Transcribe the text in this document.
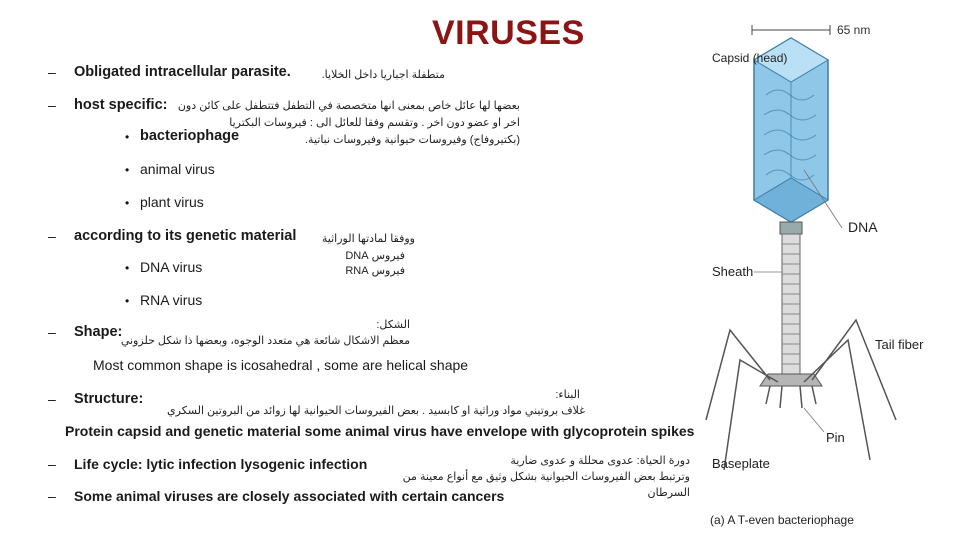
VIRUSES
– Obligated intracellular parasite.	متطفلة اجباريا داخل الخلايا.
– host specific: بعضها لها عائل خاص بمعنى انها متخصصة في التطفل فتتطفل على كائن دون
اخر او عضو دون اخر . وتقسم وفقا للعائل الى : فيروسات البكتريا
(بكتيروفاج) وفيروسات حيوانية وفيروسات نباتية.
• bacteriophage
• animal virus
• plant virus
– according to its genetic material	ووفقا لمادتها الوراثية
فيروس DNA
فيروس RNA
• DNA virus
• RNA virus
– Shape:	الشكل:
معظم الاشكال شائعة هي متعدد الوجوه، وبعضها ذا شكل حلزوني
Most common shape is icosahedral , some are helical shape
– Structure:	البناء:
غلاف بروتيني مواد وراثية او كابسيد . بعض الفيروسات الحيوانية لها زوائد من البروتين السكري
Protein capsid and genetic material some animal virus have envelope with glycoprotein spikes
– Life cycle: lytic infection lysogenic infection	دورة الحياة: عدوى محللة و عدوى ضارية
وترتبط بعض الفيروسات الحيوانية بشكل وثيق مع أنواع معينة من
السرطان
– Some animal viruses are closely associated with certain cancers
65 nm
Capsid (head)
DNA
Sheath
Tail fiber
Pin
Baseplate
(a) A T-even bacteriophage
